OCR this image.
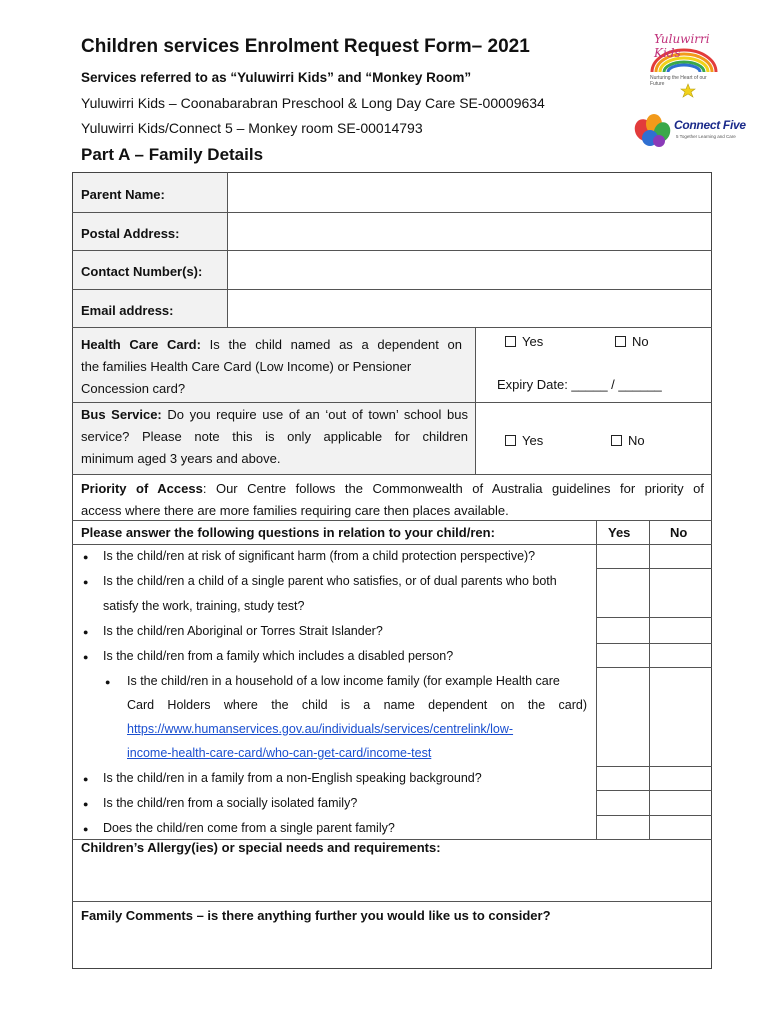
Children services Enrolment Request Form– 2021
Services referred to as “Yuluwirri Kids” and “Monkey Room”
Yuluwirri Kids – Coonabarabran Preschool & Long Day Care SE-00009634
Yuluwirri Kids/Connect 5 – Monkey room SE-00014793
Part A – Family Details
Yuluwirri Kids
Nurturing the Heart of our Future
Connect Five
5 Together Learning and Care
Parent Name:
Postal Address:
Contact Number(s):
Email address:
Health Care Card: Is the child named as a dependent on
the families Health Care Card (Low Income) or Pensioner
Concession card?
Yes	No
Expiry Date: _____ / ______
Bus Service: Do you require use of an ‘out of town’ school bus
service? Please note this is only applicable for children
minimum aged 3 years and above.
Yes	No
Priority of Access: Our Centre follows the Commonwealth of Australia guidelines for priority of
access where there are more families requiring care then places available.
Please answer the following questions in relation to your child/ren:	Yes	No
● Is the child/ren at risk of significant harm (from a child protection perspective)?
● Is the child/ren a child of a single parent who satisfies, or of dual parents who both
satisfy the work, training, study test?
● Is the child/ren Aboriginal or Torres Strait Islander?
● Is the child/ren from a family which includes a disabled person?
● Is the child/ren in a household of a low income family (for example Health care
Card Holders where the child is a name dependent on the card)
https://www.humanservices.gov.au/individuals/services/centrelink/low-
income-health-care-card/who-can-get-card/income-test
● Is the child/ren in a family from a non-English speaking background?
● Is the child/ren from a socially isolated family?
● Does the child/ren come from a single parent family?
Children’s Allergy(ies) or special needs and requirements:
Family Comments – is there anything further you would like us to consider?
